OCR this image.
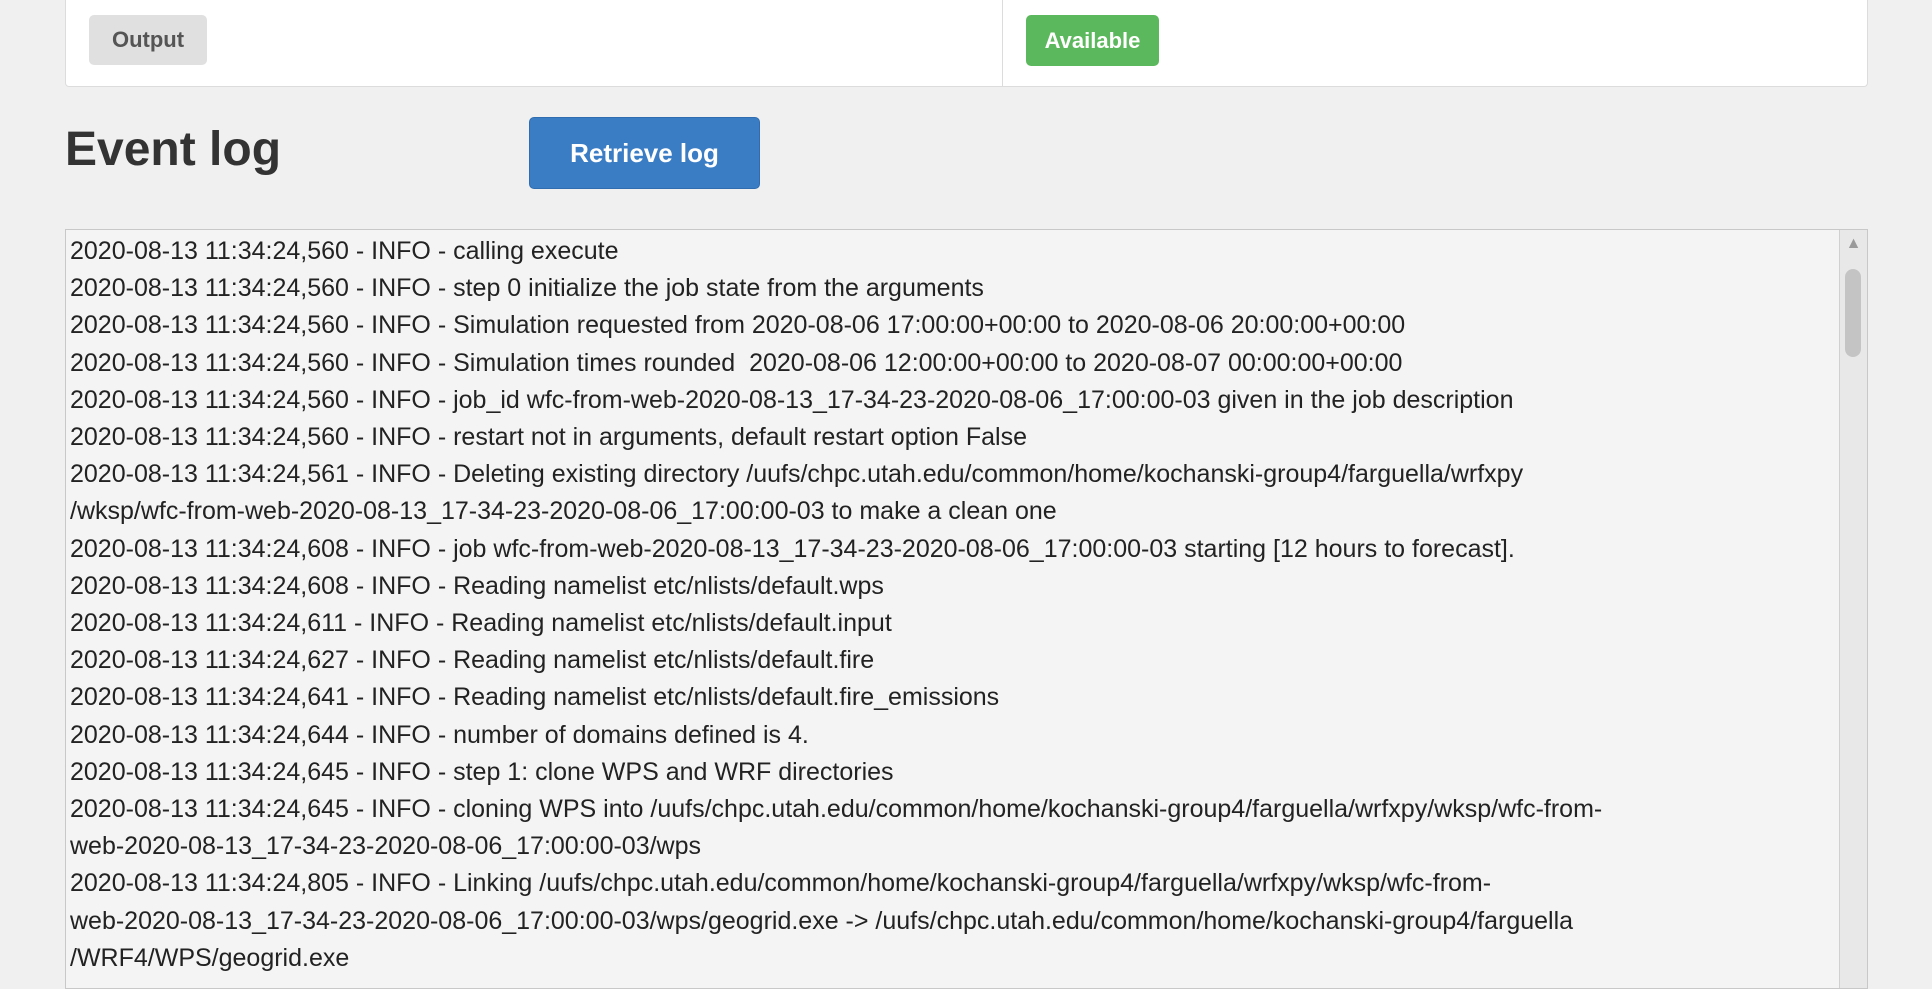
Output	Available
Event log	Retrieve log
2020-08-13 11:34:24,560 - INFO - calling execute
2020-08-13 11:34:24,560 - INFO - step 0 initialize the job state from the arguments
2020-08-13 11:34:24,560 - INFO - Simulation requested from 2020-08-06 17:00:00+00:00 to 2020-08-06 20:00:00+00:00
2020-08-13 11:34:24,560 - INFO - Simulation times rounded  2020-08-06 12:00:00+00:00 to 2020-08-07 00:00:00+00:00
2020-08-13 11:34:24,560 - INFO - job_id wfc-from-web-2020-08-13_17-34-23-2020-08-06_17:00:00-03 given in the job description
2020-08-13 11:34:24,560 - INFO - restart not in arguments, default restart option False
2020-08-13 11:34:24,561 - INFO - Deleting existing directory /uufs/chpc.utah.edu/common/home/kochanski-group4/farguella/wrfxpy
/wksp/wfc-from-web-2020-08-13_17-34-23-2020-08-06_17:00:00-03 to make a clean one
2020-08-13 11:34:24,608 - INFO - job wfc-from-web-2020-08-13_17-34-23-2020-08-06_17:00:00-03 starting [12 hours to forecast].
2020-08-13 11:34:24,608 - INFO - Reading namelist etc/nlists/default.wps
2020-08-13 11:34:24,611 - INFO - Reading namelist etc/nlists/default.input
2020-08-13 11:34:24,627 - INFO - Reading namelist etc/nlists/default.fire
2020-08-13 11:34:24,641 - INFO - Reading namelist etc/nlists/default.fire_emissions
2020-08-13 11:34:24,644 - INFO - number of domains defined is 4.
2020-08-13 11:34:24,645 - INFO - step 1: clone WPS and WRF directories
2020-08-13 11:34:24,645 - INFO - cloning WPS into /uufs/chpc.utah.edu/common/home/kochanski-group4/farguella/wrfxpy/wksp/wfc-from-
web-2020-08-13_17-34-23-2020-08-06_17:00:00-03/wps
2020-08-13 11:34:24,805 - INFO - Linking /uufs/chpc.utah.edu/common/home/kochanski-group4/farguella/wrfxpy/wksp/wfc-from-
web-2020-08-13_17-34-23-2020-08-06_17:00:00-03/wps/geogrid.exe -> /uufs/chpc.utah.edu/common/home/kochanski-group4/farguella
/WRF4/WPS/geogrid.exe
▲
